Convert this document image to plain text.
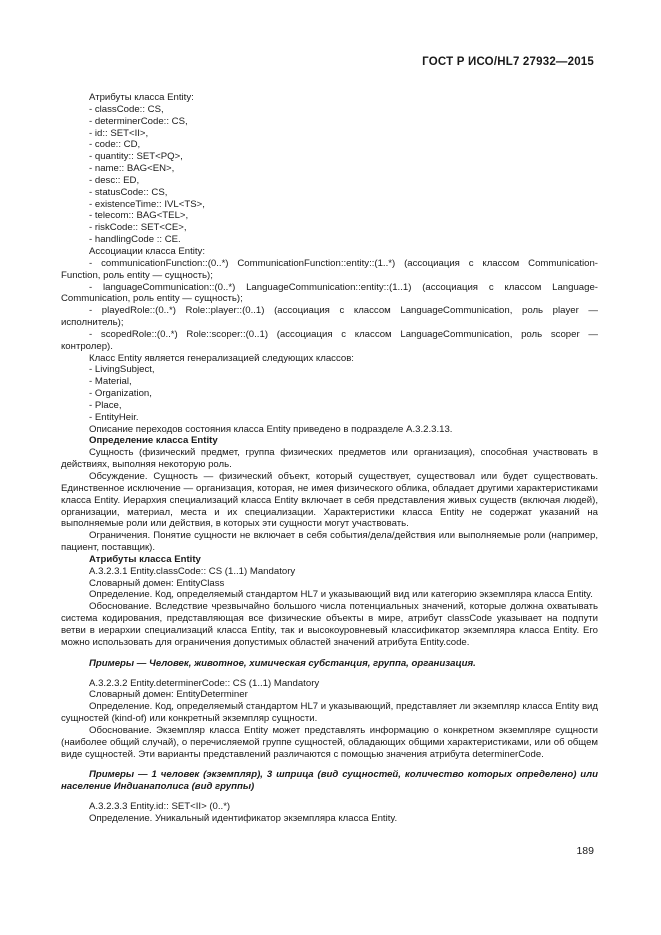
ГОСТ Р ИСО/HL7 27932—2015

Атрибуты класса Entity:

- classCode:: CS,

- determinerCode:: CS,

- id:: SET<II>,

- code:: CD,

- quantity:: SET<PQ>,

- name:: BAG<EN>,

- desc:: ED,

- statusCode:: CS,

- existenceTime:: IVL<TS>,

- telecom:: BAG<TEL>,

- riskCode:: SET<CE>,

- handlingCode :: CE.

Ассоциации класса Entity:

- communicationFunction::(0..*) CommunicationFunction::entity::(1..*) (ассоциация с классом Communication-Function, роль entity — сущность);

- languageCommunication::(0..*) LanguageCommunication::entity::(1..1) (ассоциация с классом Language-Communication, роль entity — сущность);

- playedRole::(0..*) Role::player::(0..1) (ассоциация с классом LanguageCommunication, роль player — исполнитель);

- scopedRole::(0..*) Role::scoper::(0..1) (ассоциация с классом LanguageCommunication, роль scoper — контролер).

Класс Entity является генерализацией следующих классов:

- LivingSubject,

- Material,

- Organization,

- Place,

- EntityHeir.

Описание переходов состояния класса Entity приведено в подразделе А.3.2.3.13.

Определение класса Entity

Сущность (физический предмет, группа физических предметов или организация), способная участвовать в действиях, выполняя некоторую роль.

Обсуждение. Сущность — физический объект, который существует, существовал или будет существовать. Единственное исключение — организация, которая, не имея физического облика, обладает другими характеристиками класса Entity. Иерархия специализаций класса Entity включает в себя представления живых существ (включая людей), организации, материал, места и их специализации. Характеристики класса Entity не содержат указаний на выполняемые роли или действия, в которых эти сущности могут участвовать.

Ограничения. Понятие сущности не включает в себя события/дела/действия или выполняемые роли (например, пациент, поставщик).

Атрибуты класса Entity

А.3.2.3.1 Entity.classCode:: CS (1..1) Mandatory

Словарный домен: EntityClass

Определение. Код, определяемый стандартом HL7 и указывающий вид или категорию экземпляра класса Entity.

Обоснование. Вследствие чрезвычайно большого числа потенциальных значений, которые должна охватывать система кодирования, представляющая все физические объекты в мире, атрибут classCode указывает на подпути ветви в иерархии специализаций класса Entity, так и высокоуровневый классификатор экземпляра класса Entity. Его можно использовать для ограничения допустимых областей значений атрибута Entity.code.

Примеры — Человек, животное, химическая субстанция, группа, организация.

А.3.2.3.2 Entity.determinerCode:: CS (1..1) Mandatory

Словарный домен: EntityDeterminer

Определение. Код, определяемый стандартом HL7 и указывающий, представляет ли экземпляр класса Entity вид сущностей (kind-of) или конкретный экземпляр сущности.

Обоснование. Экземпляр класса Entity может представлять информацию о конкретном экземпляре сущности (наиболее общий случай), о перечисляемой группе сущностей, обладающих общими характеристиками, или об общем виде сущностей. Эти варианты представлений различаются с помощью значения атрибута determinerCode.

Примеры — 1 человек (экземпляр), 3 шприца (вид сущностей, количество которых определено) или население Индианаполиса (вид группы)

А.3.2.3.3 Entity.id:: SET<II> (0..*)

Определение. Уникальный идентификатор экземпляра класса Entity.

189
